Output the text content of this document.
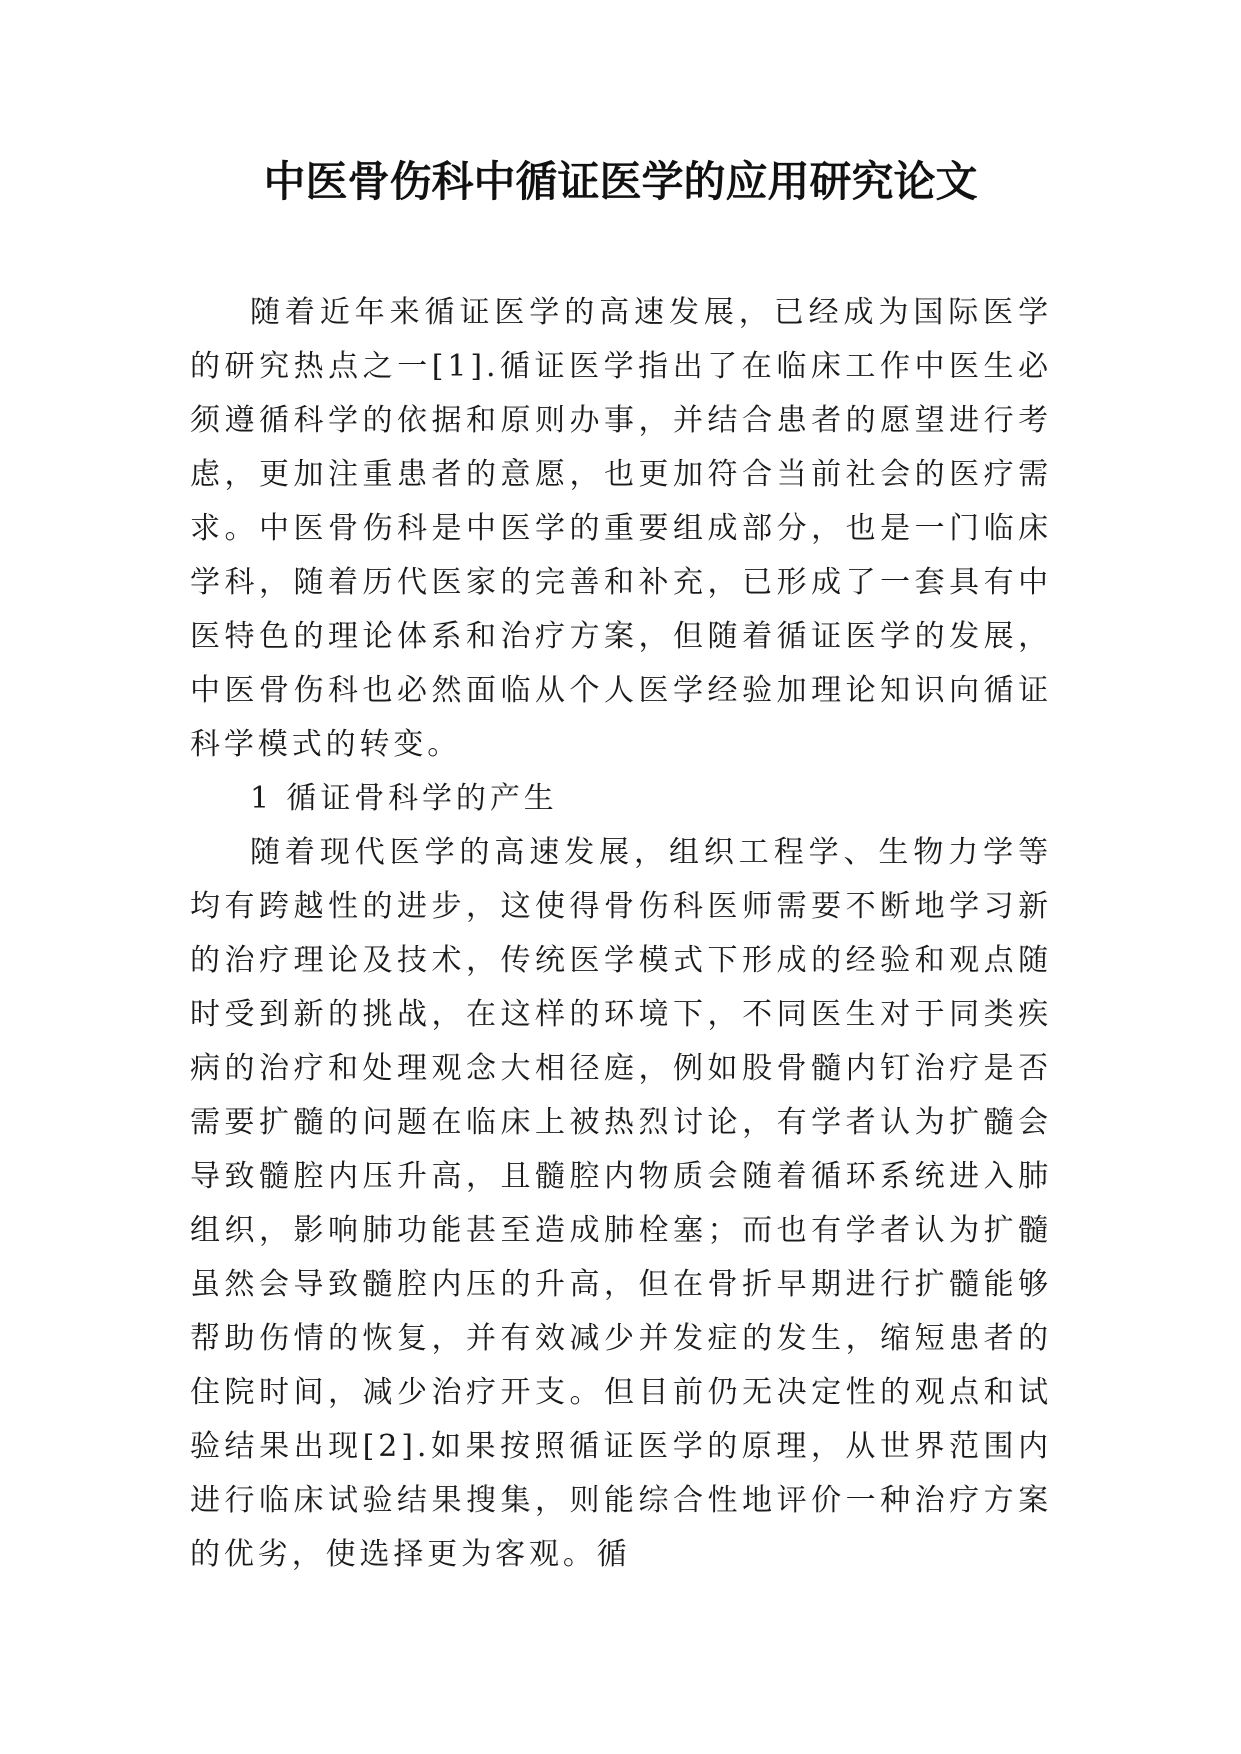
中医骨伤科中循证医学的应用研究论文

随着近年来循证医学的高速发展，已经成为国际医学的研究热点之一[1].循证医学指出了在临床工作中医生必须遵循科学的依据和原则办事，并结合患者的愿望进行考虑，更加注重患者的意愿，也更加符合当前社会的医疗需求。中医骨伤科是中医学的重要组成部分，也是一门临床学科，随着历代医家的完善和补充，已形成了一套具有中医特色的理论体系和治疗方案，但随着循证医学的发展，中医骨伤科也必然面临从个人医学经验加理论知识向循证科学模式的转变。

1 循证骨科学的产生

随着现代医学的高速发展，组织工程学、生物力学等均有跨越性的进步，这使得骨伤科医师需要不断地学习新的治疗理论及技术，传统医学模式下形成的经验和观点随时受到新的挑战，在这样的环境下，不同医生对于同类疾病的治疗和处理观念大相径庭，例如股骨髓内钉治疗是否需要扩髓的问题在临床上被热烈讨论，有学者认为扩髓会导致髓腔内压升高，且髓腔内物质会随着循环系统进入肺组织，影响肺功能甚至造成肺栓塞；而也有学者认为扩髓虽然会导致髓腔内压的升高，但在骨折早期进行扩髓能够帮助伤情的恢复，并有效减少并发症的发生，缩短患者的住院时间，减少治疗开支。但目前仍无决定性的观点和试验结果出现[2].如果按照循证医学的原理，从世界范围内进行临床试验结果搜集，则能综合性地评价一种治疗方案的优劣，使选择更为客观。循
